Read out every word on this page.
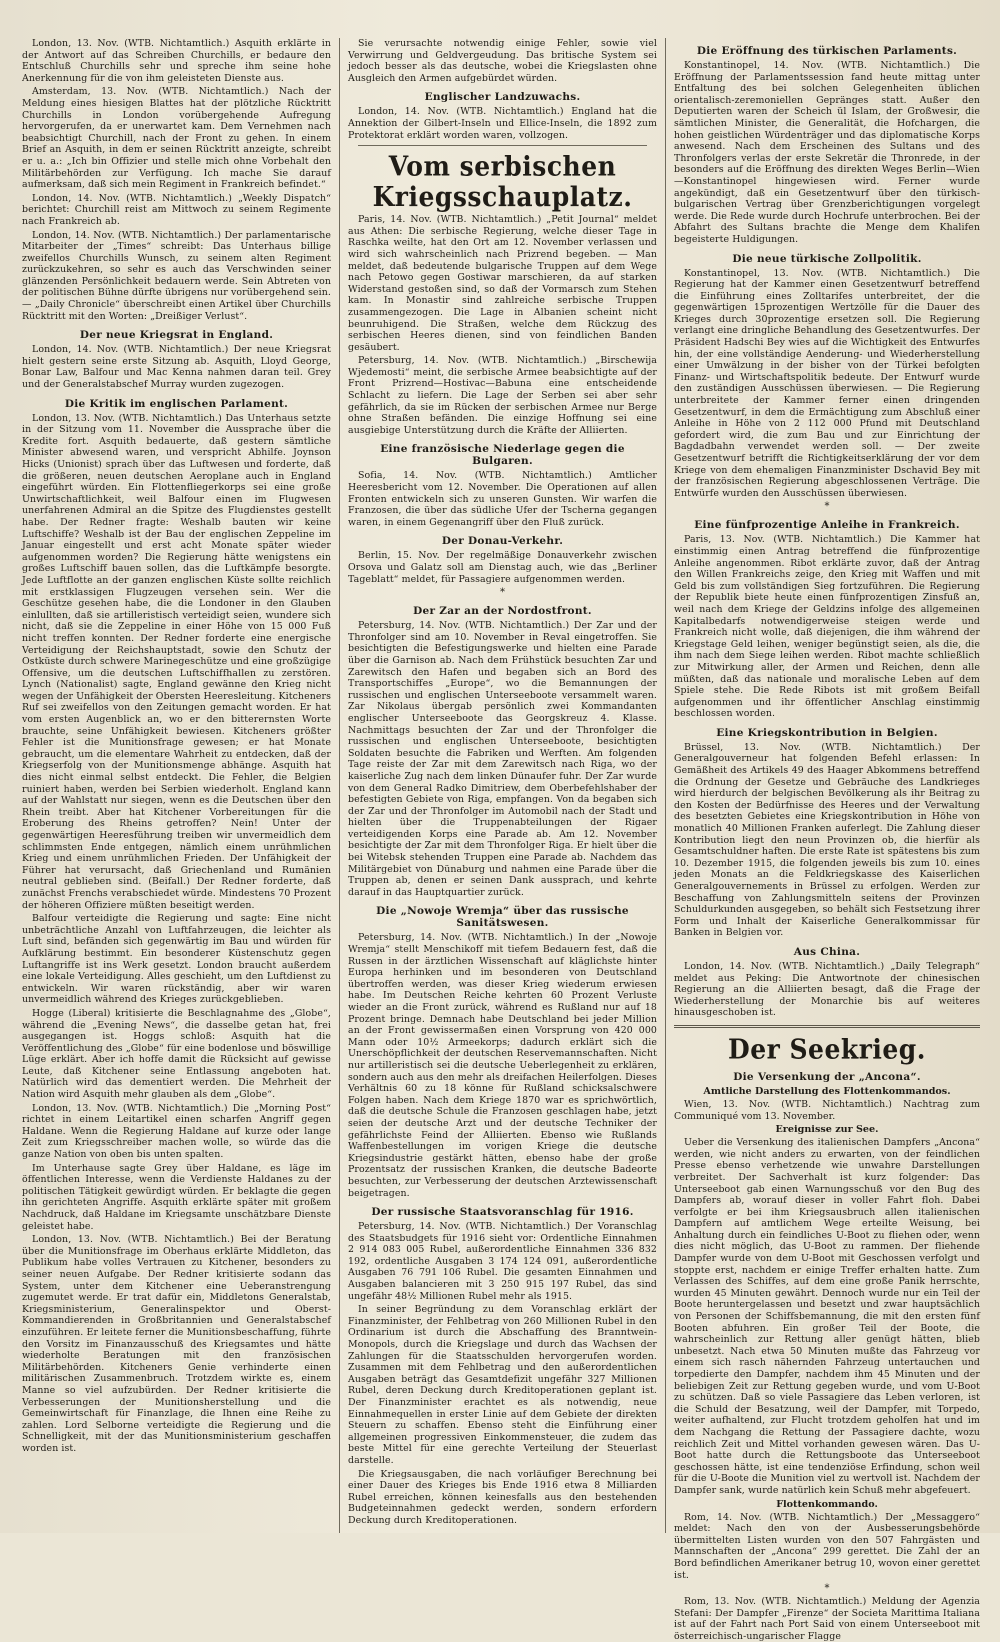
London, 13. Nov. (WTB. Nichtamtlich.) Asquith erklärte in der Antwort auf das Schreiben Churchills, er bedaure den Entschluß Churchills sehr und spreche ihm seine hohe Anerkennung für die von ihm geleisteten Dienste aus.

Amsterdam, 13. Nov. (WTB. Nichtamtlich.) Nach der Meldung eines hiesigen Blattes hat der plötzliche Rücktritt Churchills in London vorübergehende Aufregung hervorgerufen, da er unerwartet kam. Dem Vernehmen nach beabsichtigt Churchill, nach der Front zu gehen. In einem Brief an Asquith, in dem er seinen Rücktritt anzeigte, schreibt er u. a.: „Ich bin Offizier und stelle mich ohne Vorbehalt den Militärbehörden zur Verfügung. Ich mache Sie darauf aufmerksam, daß sich mein Regiment in Frankreich befindet.“

London, 14. Nov. (WTB. Nichtamtlich.) „Weekly Dispatch“ berichtet: Churchill reist am Mittwoch zu seinem Regimente nach Frankreich ab.

London, 14. Nov. (WTB. Nichtamtlich.) Der parlamentarische Mitarbeiter der „Times“ schreibt: Das Unterhaus billige zweifellos Churchills Wunsch, zu seinem alten Regiment zurückzukehren, so sehr es auch das Verschwinden seiner glänzenden Persönlichkeit bedauern werde. Sein Abtreten von der politischen Bühne dürfte übrigens nur vorübergehend sein. — „Daily Chronicle“ überschreibt einen Artikel über Churchills Rücktritt mit den Worten: „Dreißiger Verlust“.

Der neue Kriegsrat in England.

London, 14. Nov. (WTB. Nichtamtlich.) Der neue Kriegsrat hielt gestern seine erste Sitzung ab. Asquith, Lloyd George, Bonar Law, Balfour und Mac Kenna nahmen daran teil. Grey und der Generalstabschef Murray wurden zugezogen.

Die Kritik im englischen Parlament.

London, 13. Nov. (WTB. Nichtamtlich.) Das Unterhaus setzte in der Sitzung vom 11. November die Aussprache über die Kredite fort. Asquith bedauerte, daß gestern sämtliche Minister abwesend waren, und verspricht Abhilfe. Joynson Hicks (Unionist) sprach über das Luftwesen und forderte, daß die größeren, neuen deutschen Aeroplane auch in England eingeführt würden. Ein Flottenfliegerkorps sei eine große Unwirtschaftlichkeit, weil Balfour einen im Flugwesen unerfahrenen Admiral an die Spitze des Flugdienstes gestellt habe. Der Redner fragte: Weshalb bauten wir keine Luftschiffe? Weshalb ist der Bau der englischen Zeppeline im Januar eingestellt und erst acht Monate später wieder aufgenommen worden? Die Regierung hätte wenigstens ein großes Luftschiff bauen sollen, das die Luftkämpfe besorgte. Jede Luftflotte an der ganzen englischen Küste sollte reichlich mit erstklassigen Flugzeugen versehen sein. Wer die Geschütze gesehen habe, die die Londoner in den Glauben einlullten, daß sie artilleristisch verteidigt seien, wundere sich nicht, daß sie die Zeppeline in einer Höhe von 15 000 Fuß nicht treffen konnten. Der Redner forderte eine energische Verteidigung der Reichshauptstadt, sowie den Schutz der Ostküste durch schwere Marinegeschütze und eine großzügige Offensive, um die deutschen Luftschiffhallen zu zerstören. Lynch (Nationalist) sagte, England gewänne den Krieg nicht wegen der Unfähigkeit der Obersten Heeresleitung. Kitcheners Ruf sei zweifellos von den Zeitungen gemacht worden. Er hat vom ersten Augenblick an, wo er den bitterernsten Worte brauchte, seine Unfähigkeit bewiesen. Kitcheners größter Fehler ist die Munitionsfrage gewesen; er hat Monate gebraucht, um die elementare Wahrheit zu entdecken, daß der Kriegserfolg von der Munitionsmenge abhänge. Asquith hat dies nicht einmal selbst entdeckt. Die Fehler, die Belgien ruiniert haben, werden bei Serbien wiederholt. England kann auf der Wahlstatt nur siegen, wenn es die Deutschen über den Rhein treibt. Aber hat Kitchener Vorbereitungen für die Eroberung des Rheins getroffen? Nein! Unter der gegenwärtigen Heeresführung treiben wir unvermeidlich dem schlimmsten Ende entgegen, nämlich einem unrühmlichen Krieg und einem unrühmlichen Frieden. Der Unfähigkeit der Führer hat verursacht, daß Griechenland und Rumänien neutral geblieben sind. (Beifall.) Der Redner forderte, daß zunächst Frenchs verabschiedet würde. Mindestens 70 Prozent der höheren Offiziere müßten beseitigt werden.

Balfour verteidigte die Regierung und sagte: Eine nicht unbeträchtliche Anzahl von Luftfahrzeugen, die leichter als Luft sind, befänden sich gegenwärtig im Bau und würden für Aufklärung bestimmt. Ein besonderer Küstenschutz gegen Luftangriffe ist ins Werk gesetzt. London braucht außerdem eine lokale Verteidigung. Alles geschieht, um den Luftdienst zu entwickeln. Wir waren rückständig, aber wir waren unvermeidlich während des Krieges zurückgeblieben.

Hogge (Liberal) kritisierte die Beschlagnahme des „Globe“, während die „Evening News“, die dasselbe getan hat, frei ausgegangen ist. Hoggs schloß: Asquith hat die Veröffentlichung des „Globe“ für eine bodenlose und böswillige Lüge erklärt. Aber ich hoffe damit die Rücksicht auf gewisse Leute, daß Kitchener seine Entlassung angeboten hat. Natürlich wird das dementiert werden. Die Mehrheit der Nation wird Asquith mehr glauben als dem „Globe“.

London, 13. Nov. (WTB. Nichtamtlich.) Die „Morning Post“ richtet in einem Leitartikel einen scharfen Angriff gegen Haldane. Wenn die Regierung Haldane auf kurze oder lange Zeit zum Kriegsschreiber machen wolle, so würde das die ganze Nation von oben bis unten spalten.

Im Unterhause sagte Grey über Haldane, es läge im öffentlichen Interesse, wenn die Verdienste Haldanes zu der politischen Tätigkeit gewürdigt würden. Er beklagte die gegen ihn gerichteten Angriffe. Asquith erklärte später mit großem Nachdruck, daß Haldane im Kriegsamte unschätzbare Dienste geleistet habe.

London, 13. Nov. (WTB. Nichtamtlich.) Bei der Beratung über die Munitionsfrage im Oberhaus erklärte Middleton, das Publikum habe volles Vertrauen zu Kitchener, besonders zu seiner neuen Aufgabe. Der Redner kritisierte sodann das System, unter dem Kitchener eine Ueberanstrengung zugemutet werde. Er trat dafür ein, Middletons Generalstab, Kriegsministerium, Generalinspektor und Oberst-Kommandierenden in Großbritannien und Generalstabschef einzuführen. Er leitete ferner die Munitionsbeschaffung, führte den Vorsitz im Finanzausschuß des Kriegsamtes und hätte wiederholte Beratungen mit den französischen Militärbehörden. Kitcheners Genie verhinderte einen militärischen Zusammenbruch. Trotzdem wirkte es, einem Manne so viel aufzubürden. Der Redner kritisierte die Verbesserungen der Munitionsherstellung und die Gemeinwirtschaft für Finanzlage, die Ihnen eine Reihe zu zahlen. Lord Selborne verteidigte die Regierung und die Schnelligkeit, mit der das Munitionsministerium geschaffen worden ist.

Sie verursachte notwendig einige Fehler, sowie viel Verwirrung und Geldvergeudung. Das britische System sei jedoch besser als das deutsche, wobei die Kriegslasten ohne Ausgleich den Armen aufgebürdet würden.

Englischer Landzuwachs.

London, 14. Nov. (WTB. Nichtamtlich.) England hat die Annektion der Gilbert-Inseln und Ellice-Inseln, die 1892 zum Protektorat erklärt worden waren, vollzogen.

Vom serbischen Kriegsschauplatz.

Paris, 14. Nov. (WTB. Nichtamtlich.) „Petit Journal“ meldet aus Athen: Die serbische Regierung, welche dieser Tage in Raschka weilte, hat den Ort am 12. November verlassen und wird sich wahrscheinlich nach Prizrend begeben. — Man meldet, daß bedeutende bulgarische Truppen auf dem Wege nach Petowo gegen Gostiwar marschieren, da auf starken Widerstand gestoßen sind, so daß der Vormarsch zum Stehen kam. In Monastir sind zahlreiche serbische Truppen zusammengezogen. Die Lage in Albanien scheint nicht beunruhigend. Die Straßen, welche dem Rückzug des serbischen Heeres dienen, sind von feindlichen Banden gesäubert.

Petersburg, 14. Nov. (WTB. Nichtamtlich.) „Birschewija Wjedemosti“ meint, die serbische Armee beabsichtigte auf der Front Prizrend—Hostivac—Babuna eine entscheidende Schlacht zu liefern. Die Lage der Serben sei aber sehr gefährlich, da sie im Rücken der serbischen Armee nur Berge ohne Straßen befänden. Die einzige Hoffnung sei eine ausgiebige Unterstützung durch die Kräfte der Alliierten.

Eine französische Niederlage gegen die Bulgaren.

Sofia, 14. Nov. (WTB. Nichtamtlich.) Amtlicher Heeresbericht vom 12. November. Die Operationen auf allen Fronten entwickeln sich zu unseren Gunsten. Wir warfen die Franzosen, die über das südliche Ufer der Tscherna gegangen waren, in einem Gegenangriff über den Fluß zurück.

Der Donau-Verkehr.

Berlin, 15. Nov. Der regelmäßige Donauverkehr zwischen Orsova und Galatz soll am Dienstag auch, wie das „Berliner Tageblatt“ meldet, für Passagiere aufgenommen werden.

*
Der Zar an der Nordostfront.

Petersburg, 14. Nov. (WTB. Nichtamtlich.) Der Zar und der Thronfolger sind am 10. November in Reval eingetroffen. Sie besichtigten die Befestigungswerke und hielten eine Parade über die Garnison ab. Nach dem Frühstück besuchten Zar und Zarewitsch den Hafen und begaben sich an Bord des Transportschiffes „Europe“, wo die Bemannungen der russischen und englischen Unterseeboote versammelt waren. Zar Nikolaus übergab persönlich zwei Kommandanten englischer Unterseeboote das Georgskreuz 4. Klasse. Nachmittags besuchten der Zar und der Thronfolger die russischen und englischen Unterseeboote, besichtigten Soldaten besuchte die Fabriken und Werften. Am folgenden Tage reiste der Zar mit dem Zarewitsch nach Riga, wo der kaiserliche Zug nach dem linken Dünaufer fuhr. Der Zar wurde von dem General Radko Dimitriew, dem Oberbefehlshaber der befestigten Gebiete von Riga, empfangen. Von da begaben sich der Zar und der Thronfolger im Automobil nach der Stadt und hielten über die Truppenabteilungen der Rigaer verteidigenden Korps eine Parade ab. Am 12. November besichtigte der Zar mit dem Thronfolger Riga. Er hielt über die bei Witebsk stehenden Truppen eine Parade ab. Nachdem das Militärgebiet von Dünaburg und nahmen eine Parade über die Truppen ab, denen er seinen Dank aussprach, und kehrte darauf in das Hauptquartier zurück.

Die „Nowoje Wremja“ über das russische Sanitätswesen.

Petersburg, 14. Nov. (WTB. Nichtamtlich.) In der „Nowoje Wremja“ stellt Menschikoff mit tiefem Bedauern fest, daß die Russen in der ärztlichen Wissenschaft auf kläglichste hinter Europa herhinken und im besonderen von Deutschland übertroffen werden, was dieser Krieg wiederum erwiesen habe. Im Deutschen Reiche kehrten 60 Prozent Verluste wieder an die Front zurück, während es Rußland nur auf 18 Prozent bringe. Demnach habe Deutschland bei jeder Million an der Front gewissermaßen einen Vorsprung von 420 000 Mann oder 10½ Armeekorps; dadurch erklärt sich die Unerschöpflichkeit der deutschen Reservemannschaften. Nicht nur artilleristisch sei die deutsche Ueberlegenheit zu erklären, sondern auch aus den mehr als dreifachen Heilerfolgen. Dieses Verhältnis 60 zu 18 könne für Rußland schicksalschwere Folgen haben. Nach dem Kriege 1870 war es sprichwörtlich, daß die deutsche Schule die Franzosen geschlagen habe, jetzt seien der deutsche Arzt und der deutsche Techniker der gefährlichste Feind der Alliierten. Ebenso wie Rußlands Waffenbestellungen im vorigen Kriege die deutsche Kriegsindustrie gestärkt hätten, ebenso habe der große Prozentsatz der russischen Kranken, die deutsche Badeorte besuchten, zur Verbesserung der deutschen Arztewissenschaft beigetragen.

Der russische Staatsvoranschlag für 1916.

Petersburg, 14. Nov. (WTB. Nichtamtlich.) Der Voranschlag des Staatsbudgets für 1916 sieht vor: Ordentliche Einnahmen 2 914 083 005 Rubel, außerordentliche Einnahmen 336 832 192, ordentliche Ausgaben 3 174 124 091, außerordentliche Ausgaben 76 791 106 Rubel. Die gesamten Einnahmen und Ausgaben balancieren mit 3 250 915 197 Rubel, das sind ungefähr 48½ Millionen Rubel mehr als 1915.

In seiner Begründung zu dem Voranschlag erklärt der Finanzminister, der Fehlbetrag von 260 Millionen Rubel in den Ordinarium ist durch die Abschaffung des Branntwein-Monopols, durch die Kriegslage und durch das Wachsen der Zahlungen für die Staatsschulden hervorgerufen worden. Zusammen mit dem Fehlbetrag und den außerordentlichen Ausgaben beträgt das Gesamtdefizit ungefähr 327 Millionen Rubel, deren Deckung durch Kreditoperationen geplant ist. Der Finanzminister erachtet es als notwendig, neue Einnahmequellen in erster Linie auf dem Gebiete der direkten Steuern zu schaffen. Ebenso steht die Einführung einer allgemeinen progressiven Einkommensteuer, die zudem das beste Mittel für eine gerechte Verteilung der Steuerlast darstelle.

Die Kriegsausgaben, die nach vorläufiger Berechnung bei einer Dauer des Krieges bis Ende 1916 etwa 8 Milliarden Rubel erreichen, können keinesfalls aus den bestehenden Budgeteinnahmen gedeckt werden, sondern erfordern Deckung durch Kreditoperationen.

Die Eröffnung des türkischen Parlaments.

Konstantinopel, 14. Nov. (WTB. Nichtamtlich.) Die Eröffnung der Parlamentssession fand heute mittag unter Entfaltung des bei solchen Gelegenheiten üblichen orientalisch-zeremoniellen Gepränges statt. Außer den Deputierten waren der Scheich ül Islam, der Großwesir, die sämtlichen Minister, die Generalität, die Hofchargen, die hohen geistlichen Würdenträger und das diplomatische Korps anwesend. Nach dem Erscheinen des Sultans und des Thronfolgers verlas der erste Sekretär die Thronrede, in der besonders auf die Eröffnung des direkten Weges Berlin—Wien—Konstantinopel hingewiesen wird. Ferner wurde angekündigt, daß ein Gesetzentwurf über den türkisch-bulgarischen Vertrag über Grenzberichtigungen vorgelegt werde. Die Rede wurde durch Hochrufe unterbrochen. Bei der Abfahrt des Sultans brachte die Menge dem Khalifen begeisterte Huldigungen.

Die neue türkische Zollpolitik.

Konstantinopel, 13. Nov. (WTB. Nichtamtlich.) Die Regierung hat der Kammer einen Gesetzentwurf betreffend die Einführung eines Zolltarifes unterbreitet, der die gegenwärtigen 15prozentigen Wertzölle für die Dauer des Krieges durch 30prozentige ersetzen soll. Die Regierung verlangt eine dringliche Behandlung des Gesetzentwurfes. Der Präsident Hadschi Bey wies auf die Wichtigkeit des Entwurfes hin, der eine vollständige Aenderung- und Wiederherstellung einer Umwälzung in der bisher von der Türkei befolgten Finanz- und Wirtschaftspolitik bedeute. Der Entwurf wurde den zuständigen Ausschüssen überwiesen. — Die Regierung unterbreitete der Kammer ferner einen dringenden Gesetzentwurf, in dem die Ermächtigung zum Abschluß einer Anleihe in Höhe von 2 112 000 Pfund mit Deutschland gefordert wird, die zum Bau und zur Einrichtung der Bagdadbahn verwendet werden soll. — Der zweite Gesetzentwurf betrifft die Richtigkeitserklärung der vor dem Kriege von dem ehemaligen Finanzminister Dschavid Bey mit der französischen Regierung abgeschlossenen Verträge. Die Entwürfe wurden den Ausschüssen überwiesen.

*
Eine fünfprozentige Anleihe in Frankreich.

Paris, 13. Nov. (WTB. Nichtamtlich.) Die Kammer hat einstimmig einen Antrag betreffend die fünfprozentige Anleihe angenommen. Ribot erklärte zuvor, daß der Antrag den Willen Frankreichs zeige, den Krieg mit Waffen und mit Geld bis zum vollständigen Sieg fortzuführen. Die Regierung der Republik biete heute einen fünfprozentigen Zinsfuß an, weil nach dem Kriege der Geldzins infolge des allgemeinen Kapitalbedarfs notwendigerweise steigen werde und Frankreich nicht wolle, daß diejenigen, die ihm während der Kriegstage Geld leihen, weniger begünstigt seien, als die, die ihm nach dem Siege leihen werden. Ribot machte schließlich zur Mitwirkung aller, der Armen und Reichen, denn alle müßten, daß das nationale und moralische Leben auf dem Spiele stehe. Die Rede Ribots ist mit großem Beifall aufgenommen und ihr öffentlicher Anschlag einstimmig beschlossen worden.

Eine Kriegskontribution in Belgien.

Brüssel, 13. Nov. (WTB. Nichtamtlich.) Der Generalgouverneur hat folgenden Befehl erlassen: In Gemäßheit des Artikels 49 des Haager Abkommens betreffend die Ordnung der Gesetze und Gebräuche des Landkrieges wird hierdurch der belgischen Bevölkerung als ihr Beitrag zu den Kosten der Bedürfnisse des Heeres und der Verwaltung des besetzten Gebietes eine Kriegskontribution in Höhe von monatlich 40 Millionen Franken auferlegt. Die Zahlung dieser Kontribution liegt den neun Provinzen ob, die hierfür als Gesamtschuldner haften. Die erste Rate ist spätestens bis zum 10. Dezember 1915, die folgenden jeweils bis zum 10. eines jeden Monats an die Feldkriegskasse des Kaiserlichen Generalgouvernements in Brüssel zu erfolgen. Werden zur Beschaffung von Zahlungsmitteln seitens der Provinzen Schuldurkunden ausgegeben, so behält sich Festsetzung ihrer Form und Inhalt der Kaiserliche Generalkommissar für Banken in Belgien vor.

Aus China.

London, 14. Nov. (WTB. Nichtamtlich.) „Daily Telegraph“ meldet aus Peking: Die Antwortnote der chinesischen Regierung an die Alliierten besagt, daß die Frage der Wiederherstellung der Monarchie bis auf weiteres hinausgeschoben ist.

Der Seekrieg.
Die Versenkung der „Ancona“.
Amtliche Darstellung des Flottenkommandos.

Wien, 13. Nov. (WTB. Nichtamtlich.) Nachtrag zum Communiqué vom 13. November.

Ereignisse zur See.

Ueber die Versenkung des italienischen Dampfers „Ancona“ werden, wie nicht anders zu erwarten, von der feindlichen Presse ebenso verhetzende wie unwahre Darstellungen verbreitet. Der Sachverhalt ist kurz folgender: Das Unterseeboot gab einen Warnungsschuß vor den Bug des Dampfers ab, worauf dieser in voller Fahrt floh. Dabei verfolgte er bei ihm Kriegsausbruch allen italienischen Dampfern auf amtlichem Wege erteilte Weisung, bei Anhaltung durch ein feindliches U-Boot zu fliehen oder, wenn dies nicht möglich, das U-Boot zu rammen. Der fliehende Dampfer wurde von dem U-Boot mit Geschossen verfolgt und stoppte erst, nachdem er einige Treffer erhalten hatte. Zum Verlassen des Schiffes, auf dem eine große Panik herrschte, wurden 45 Minuten gewährt. Dennoch wurde nur ein Teil der Boote heruntergelassen und besetzt und zwar hauptsächlich von Personen der Schiffsbemannung, die mit den ersten fünf Booten abfuhren. Ein großer Teil der Boote, die wahrscheinlich zur Rettung aller genügt hätten, blieb unbesetzt. Nach etwa 50 Minuten mußte das Fahrzeug vor einem sich rasch nähernden Fahrzeug untertauchen und torpedierte den Dampfer, nachdem ihm 45 Minuten und der beliebigen Zeit zur Rettung gegeben wurde, und vom U-Boot zu schützen. Daß so viele Passagiere das Leben verloren, ist die Schuld der Besatzung, weil der Dampfer, mit Torpedo, weiter aufhaltend, zur Flucht trotzdem geholfen hat und im dem Nachgang die Rettung der Passagiere dachte, wozu reichlich Zeit und Mittel vorhanden gewesen wären. Das U-Boot hatte durch die Rettungsboote das Unterseeboot geschossen hätte, ist eine tendenziöse Erfindung, schon weil für die U-Boote die Munition viel zu wertvoll ist. Nachdem der Dampfer sank, wurde natürlich kein Schuß mehr abgefeuert.

Flottenkommando.

Rom, 14. Nov. (WTB. Nichtamtlich.) Der „Messaggero“ meldet: Nach den von der Ausbesserungsbehörde übermittelten Listen wurden von den 507 Fahrgästen und Mannschaften der „Ancona“ 299 gerettet. Die Zahl der an Bord befindlichen Amerikaner betrug 10, wovon einer gerettet ist.

*

Rom, 13. Nov. (WTB. Nichtamtlich.) Meldung der Agenzia Stefani: Der Dampfer „Firenze“ der Societa Marittima Italiana ist auf der Fahrt nach Port Said von einem Unterseeboot mit österreichisch-ungarischer Flagge
